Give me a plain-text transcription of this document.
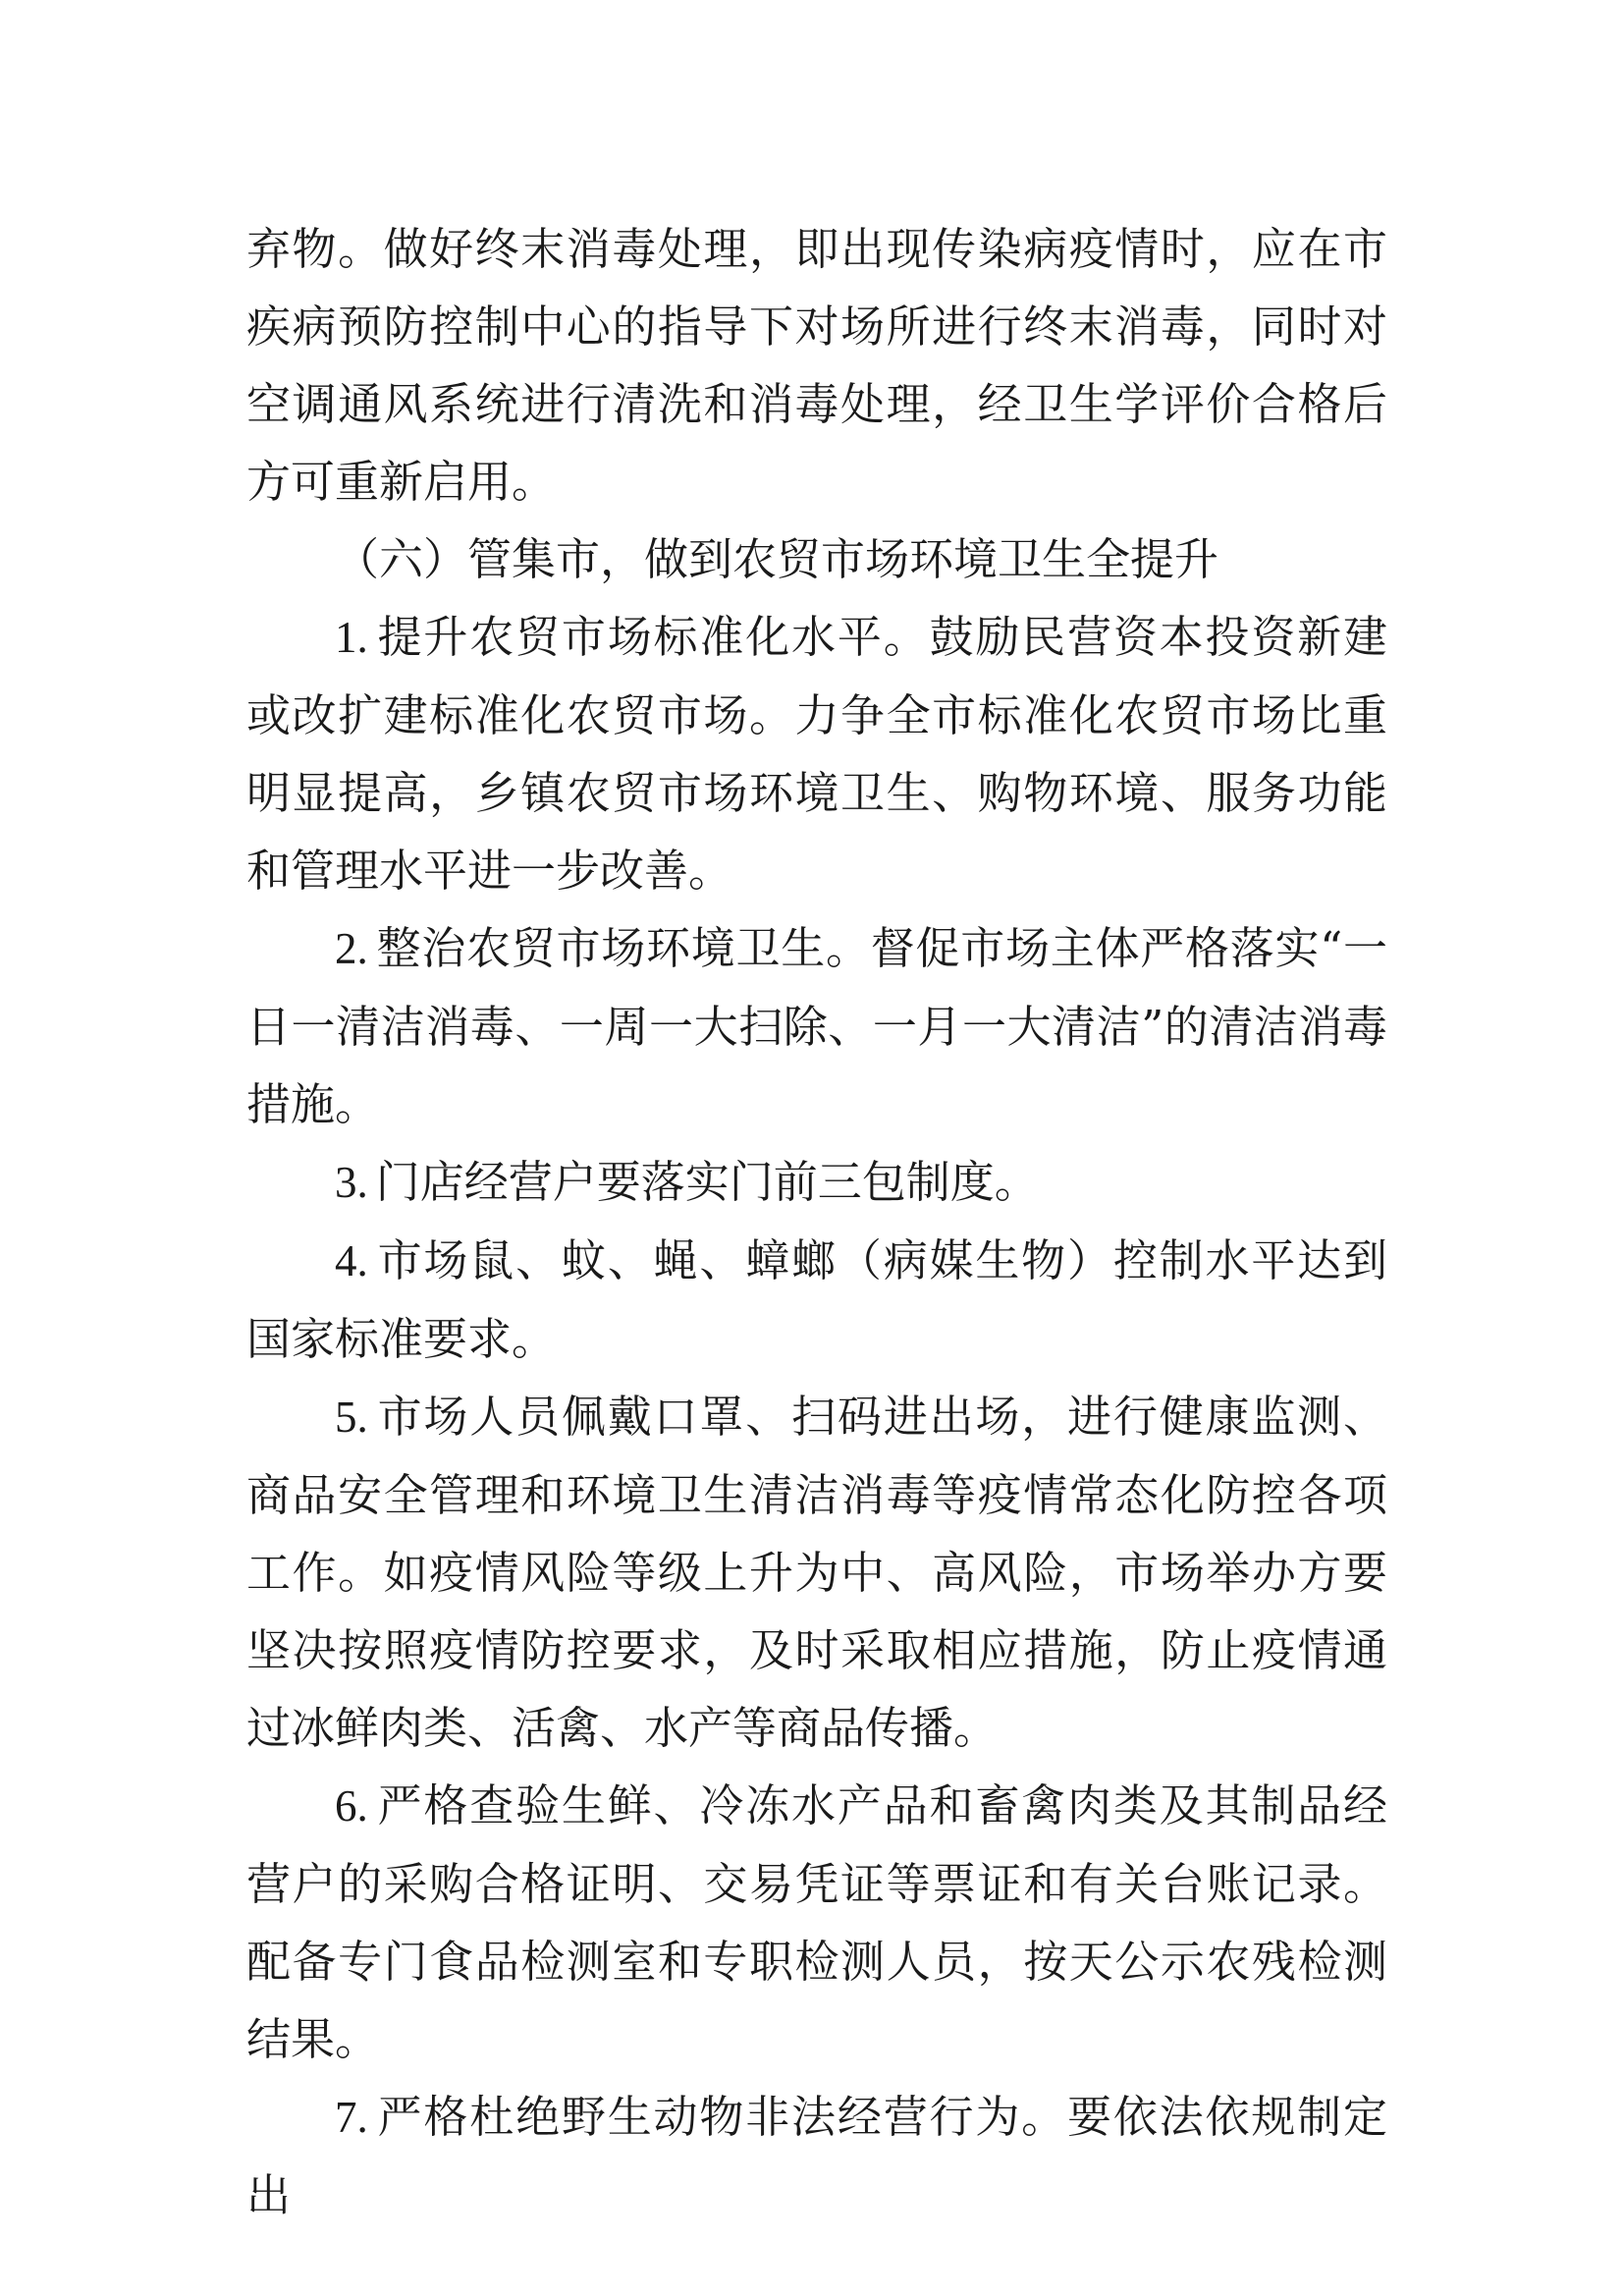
弃物。做好终末消毒处理，即出现传染病疫情时，应在市疾病预防控制中心的指导下对场所进行终末消毒，同时对空调通风系统进行清洗和消毒处理，经卫生学评价合格后方可重新启用。

（六）管集市，做到农贸市场环境卫生全提升

1. 提升农贸市场标准化水平。鼓励民营资本投资新建或改扩建标准化农贸市场。力争全市标准化农贸市场比重明显提高，乡镇农贸市场环境卫生、购物环境、服务功能和管理水平进一步改善。

2. 整治农贸市场环境卫生。督促市场主体严格落实“一日一清洁消毒、一周一大扫除、一月一大清洁”的清洁消毒措施。

3. 门店经营户要落实门前三包制度。

4. 市场鼠、蚊、蝇、蟑螂（病媒生物）控制水平达到国家标准要求。

5. 市场人员佩戴口罩、扫码进出场，进行健康监测、商品安全管理和环境卫生清洁消毒等疫情常态化防控各项工作。如疫情风险等级上升为中、高风险，市场举办方要坚决按照疫情防控要求，及时采取相应措施，防止疫情通过冰鲜肉类、活禽、水产等商品传播。

6. 严格查验生鲜、冷冻水产品和畜禽肉类及其制品经营户的采购合格证明、交易凭证等票证和有关台账记录。配备专门食品检测室和专职检测人员，按天公示农残检测结果。

7. 严格杜绝野生动物非法经营行为。要依法依规制定出
